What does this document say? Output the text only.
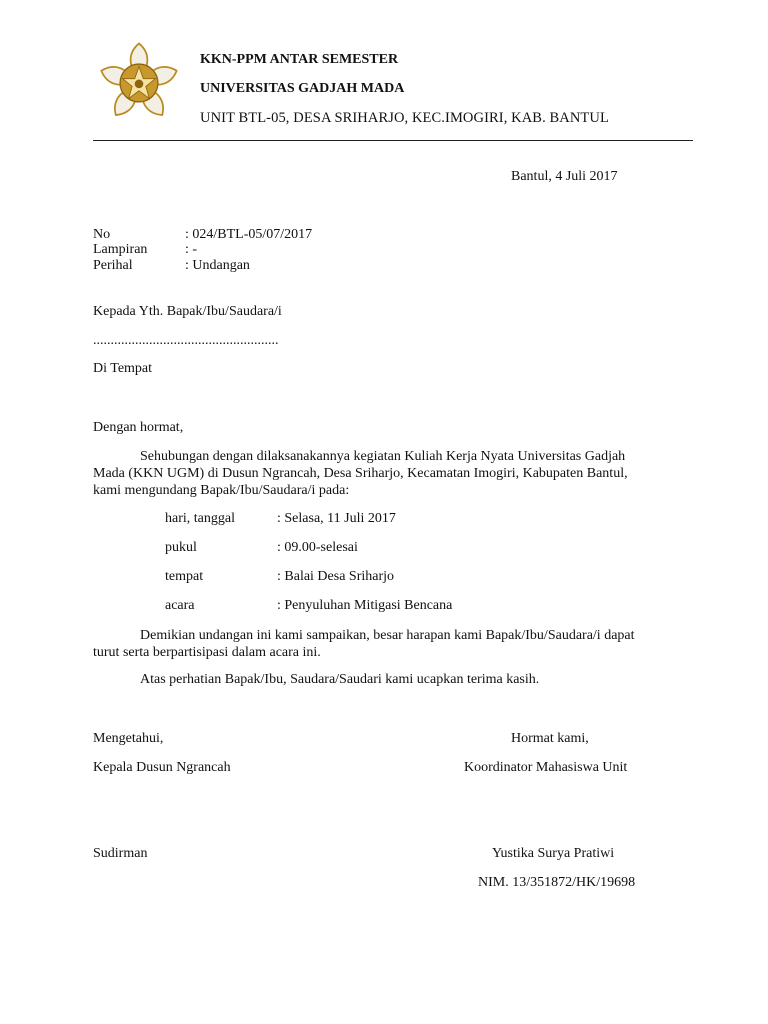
KKN-PPM ANTAR SEMESTER
UNIVERSITAS GADJAH MADA
UNIT BTL-05, DESA SRIHARJO, KEC.IMOGIRI, KAB. BANTUL
Bantul, 4 Juli 2017
No	: 024/BTL-05/07/2017
Lampiran	: -
Perihal	: Undangan
Kepada Yth. Bapak/Ibu/Saudara/i
.....................................................
Di Tempat
Dengan hormat,
Sehubungan dengan dilaksanakannya kegiatan Kuliah Kerja Nyata Universitas Gadjah Mada (KKN UGM) di Dusun Ngrancah, Desa Sriharjo, Kecamatan Imogiri, Kabupaten Bantul, kami mengundang Bapak/Ibu/Saudara/i pada:
hari, tanggal	: Selasa, 11 Juli 2017
pukul	: 09.00-selesai
tempat	: Balai Desa Sriharjo
acara	: Penyuluhan Mitigasi Bencana
Demikian undangan ini kami sampaikan, besar harapan kami Bapak/Ibu/Saudara/i dapat turut serta berpartisipasi dalam acara ini.
Atas perhatian Bapak/Ibu, Saudara/Saudari kami ucapkan terima kasih.
Mengetahui,
Kepala Dusun Ngrancah
Sudirman
Hormat kami,
Koordinator Mahasiswa Unit
Yustika Surya Pratiwi
NIM. 13/351872/HK/19698
